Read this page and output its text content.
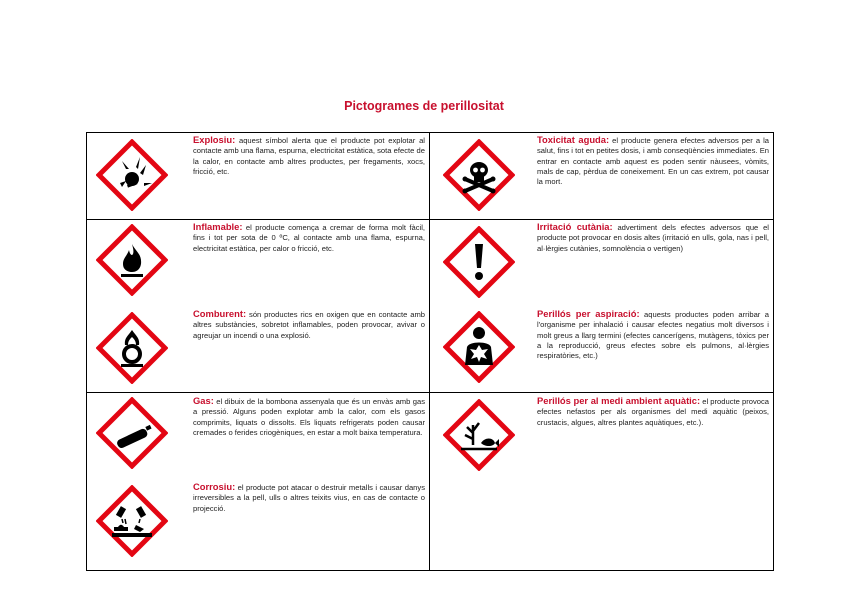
Pictogrames de perillositat
Explosiu: aquest símbol alerta que el producte pot explotar al contacte amb una flama, espurna, electricitat estàtica, sota efecte de la calor, en contacte amb altres productes, per fregaments, xocs, fricció, etc.
Inflamable: el producte comença a cremar de forma molt fàcil, fins i tot per sota de 0 ºC, al contacte amb una flama, espurna, electricitat estàtica, per calor o fricció, etc.
Comburent: són productes rics en oxigen que en contacte amb altres substàncies, sobretot inflamables, poden provocar, avivar o agreujar un incendi o una explosió.
Gas: el dibuix de la bombona assenyala que és un envàs amb gas a pressió. Alguns poden explotar amb la calor, com els gasos comprimits, liquats o dissolts. Els liquats refrigerats poden causar cremades o ferides criogèniques, en estar a molt baixa temperatura.
Corrosiu: el producte pot atacar o destruir metalls i causar danys irreversibles a la pell, ulls o altres teixits vius, en cas de contacte o projecció.
Toxicitat aguda: el producte genera efectes adversos per a la salut, fins i tot en petites dosis, i amb conseqüències immediates. En entrar en contacte amb aquest es poden sentir nàusees, vòmits, mals de cap, pèrdua de coneixement. En un cas extrem, pot causar la mort.
Irritació cutània: advertiment dels efectes adversos que el producte pot provocar en dosis altes (irritació en ulls, gola, nas i pell, al·lèrgies cutànies, somnolència o vertigen)
Perillós per aspiració: aquests productes poden arribar a l'organisme per inhalació i causar efectes negatius molt diversos i molt greus a llarg termini (efectes cancerígens, mutàgens, tòxics per a la reproducció, greus efectes sobre els pulmons, al·lèrgies respiratòries, etc.)
Perillós per al medi ambient aquàtic: el producte provoca efectes nefastos per als organismes del medi aquàtic (peixos, crustacis, algues, altres plantes aquàtiques, etc.).
